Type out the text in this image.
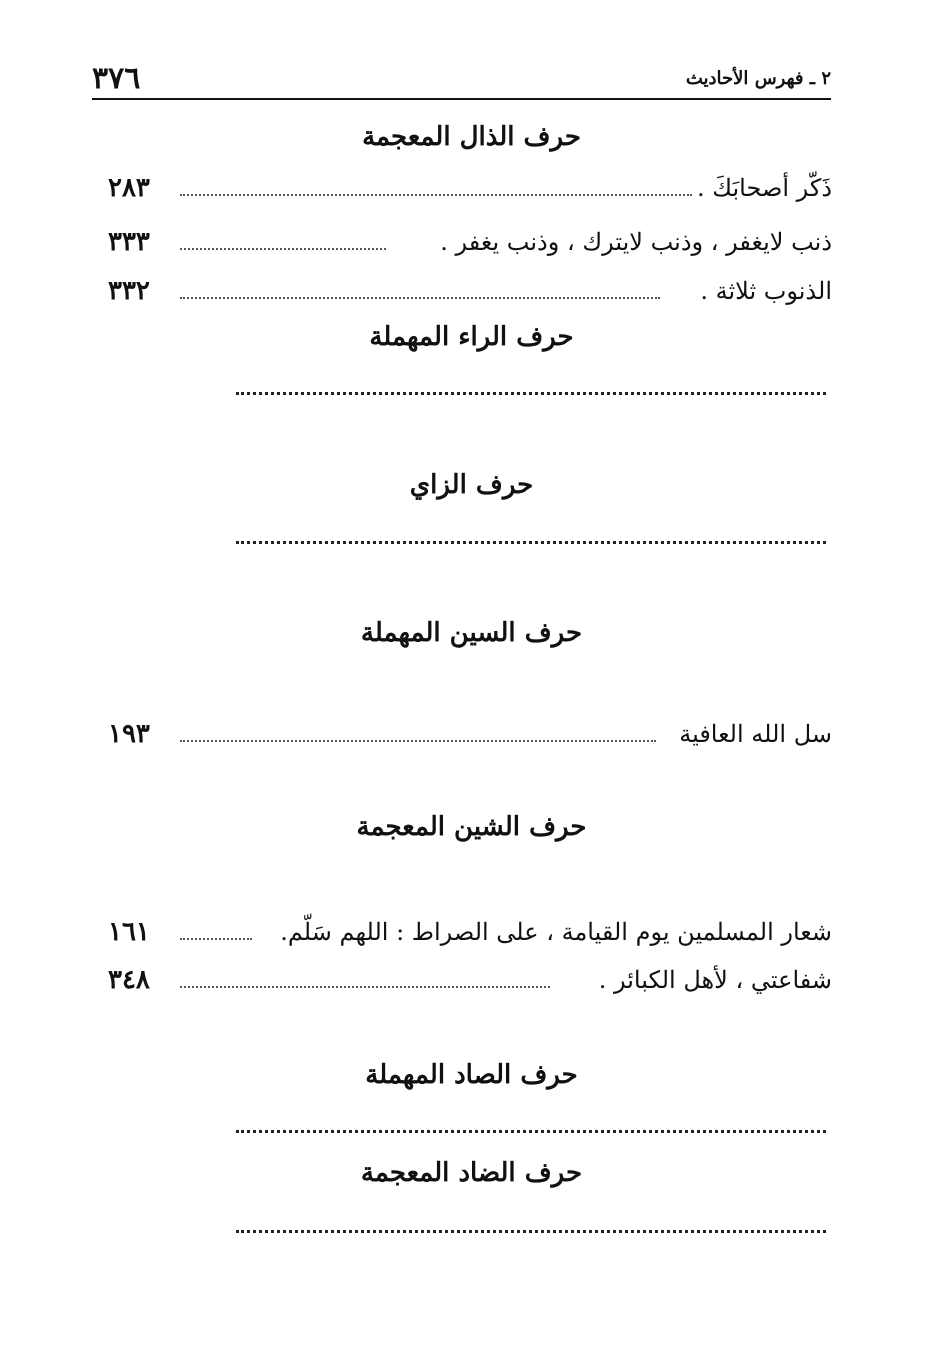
٣٧٦	٢ ـ فهرس الأحاديث
حرف الذال المعجمة
ذَكّر أصحابَكَ .
٢٨٣
ذنب لايغفر ، وذنب لايترك ، وذنب يغفر .
٣٣٣
الذنوب ثلاثة .
٣٣٢
حرف الراء المهملة
حرف الزاي
حرف السين المهملة
سل الله العافية
١٩٣
حرف الشين المعجمة
شعار المسلمين يوم القيامة ، على الصراط : اللهم سَلّم.
١٦١
شفاعتي ، لأهل الكبائر .
٣٤٨
حرف الصاد المهملة
حرف الضاد المعجمة
